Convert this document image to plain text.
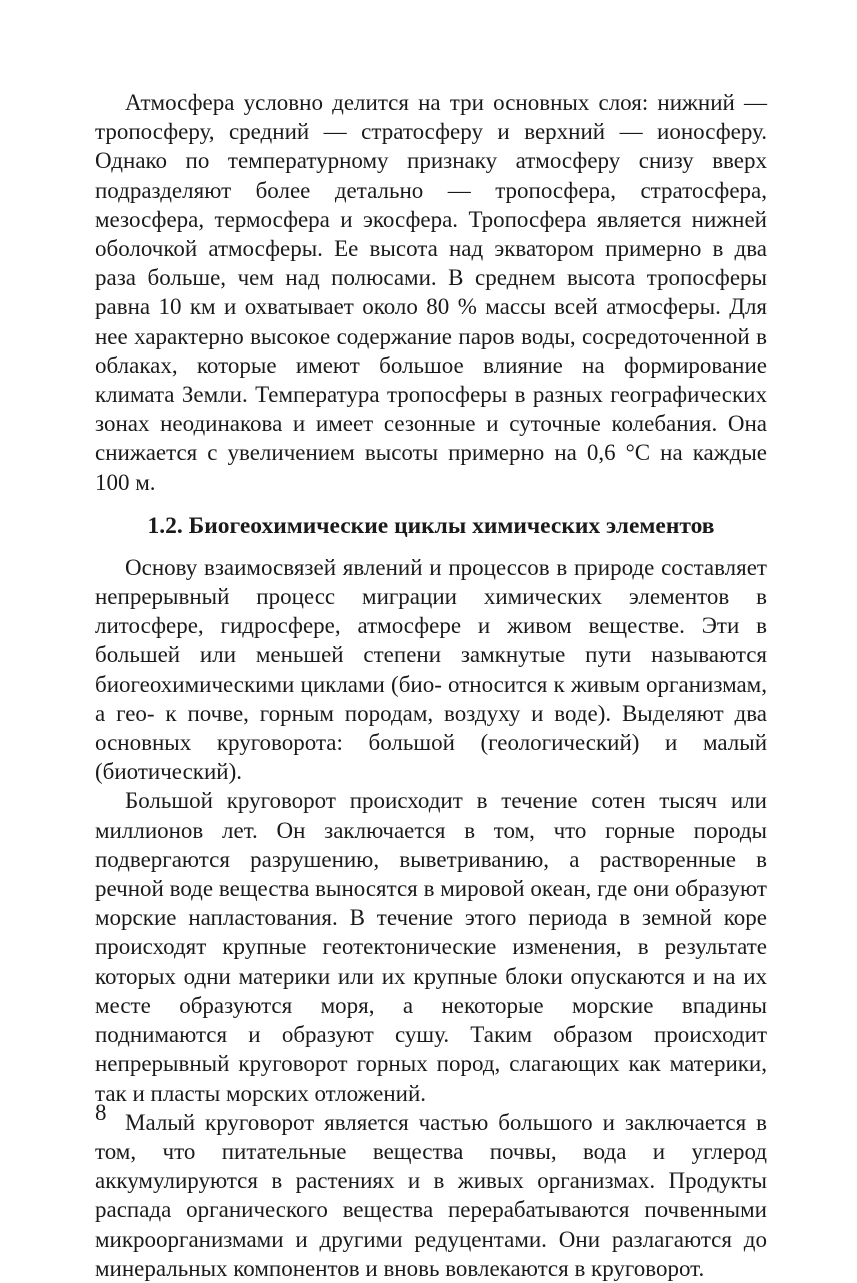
Атмосфера условно делится на три основных слоя: нижний — тропосферу, средний — стратосферу и верхний — ионосферу. Однако по температурному признаку атмосферу снизу вверх подразделяют более детально — тропосфера, стратосфера, мезосфера, термосфера и экосфера. Тропосфера является нижней оболочкой атмосферы. Ее высота над экватором примерно в два раза больше, чем над полюсами. В среднем высота тропосферы равна 10 км и охватывает около 80 % массы всей атмосферы. Для нее характерно высокое содержание паров воды, сосредоточенной в облаках, которые имеют большое влияние на формирование климата Земли. Температура тропосферы в разных географических зонах неодинакова и имеет сезонные и суточные колебания. Она снижается с увеличением высоты примерно на 0,6 °С на каждые 100 м.

1.2. Биогеохимические циклы химических элементов

Основу взаимосвязей явлений и процессов в природе составляет непрерывный процесс миграции химических элементов в литосфере, гидросфере, атмосфере и живом веществе. Эти в большей или меньшей степени замкнутые пути называются биогеохимическими циклами (био- относится к живым организмам, а гео- к почве, горным породам, воздуху и воде). Выделяют два основных круговорота: большой (геологический) и малый (биотический).

Большой круговорот происходит в течение сотен тысяч или миллионов лет. Он заключается в том, что горные породы подвергаются разрушению, выветриванию, а растворенные в речной воде вещества выносятся в мировой океан, где они образуют морские напластования. В течение этого периода в земной коре происходят крупные геотектонические изменения, в результате которых одни материки или их крупные блоки опускаются и на их месте образуются моря, а некоторые морские впадины поднимаются и образуют сушу. Таким образом происходит непрерывный круговорот горных пород, слагающих как материки, так и пласты морских отложений.

Малый круговорот является частью большого и заключается в том, что питательные вещества почвы, вода и углерод аккумулируются в растениях и в живых организмах. Продукты распада органического вещества перерабатываются почвенными микроорганизмами и другими редуцентами. Они разлагаются до минеральных компонентов и вновь вовлекаются в круговорот.

8
